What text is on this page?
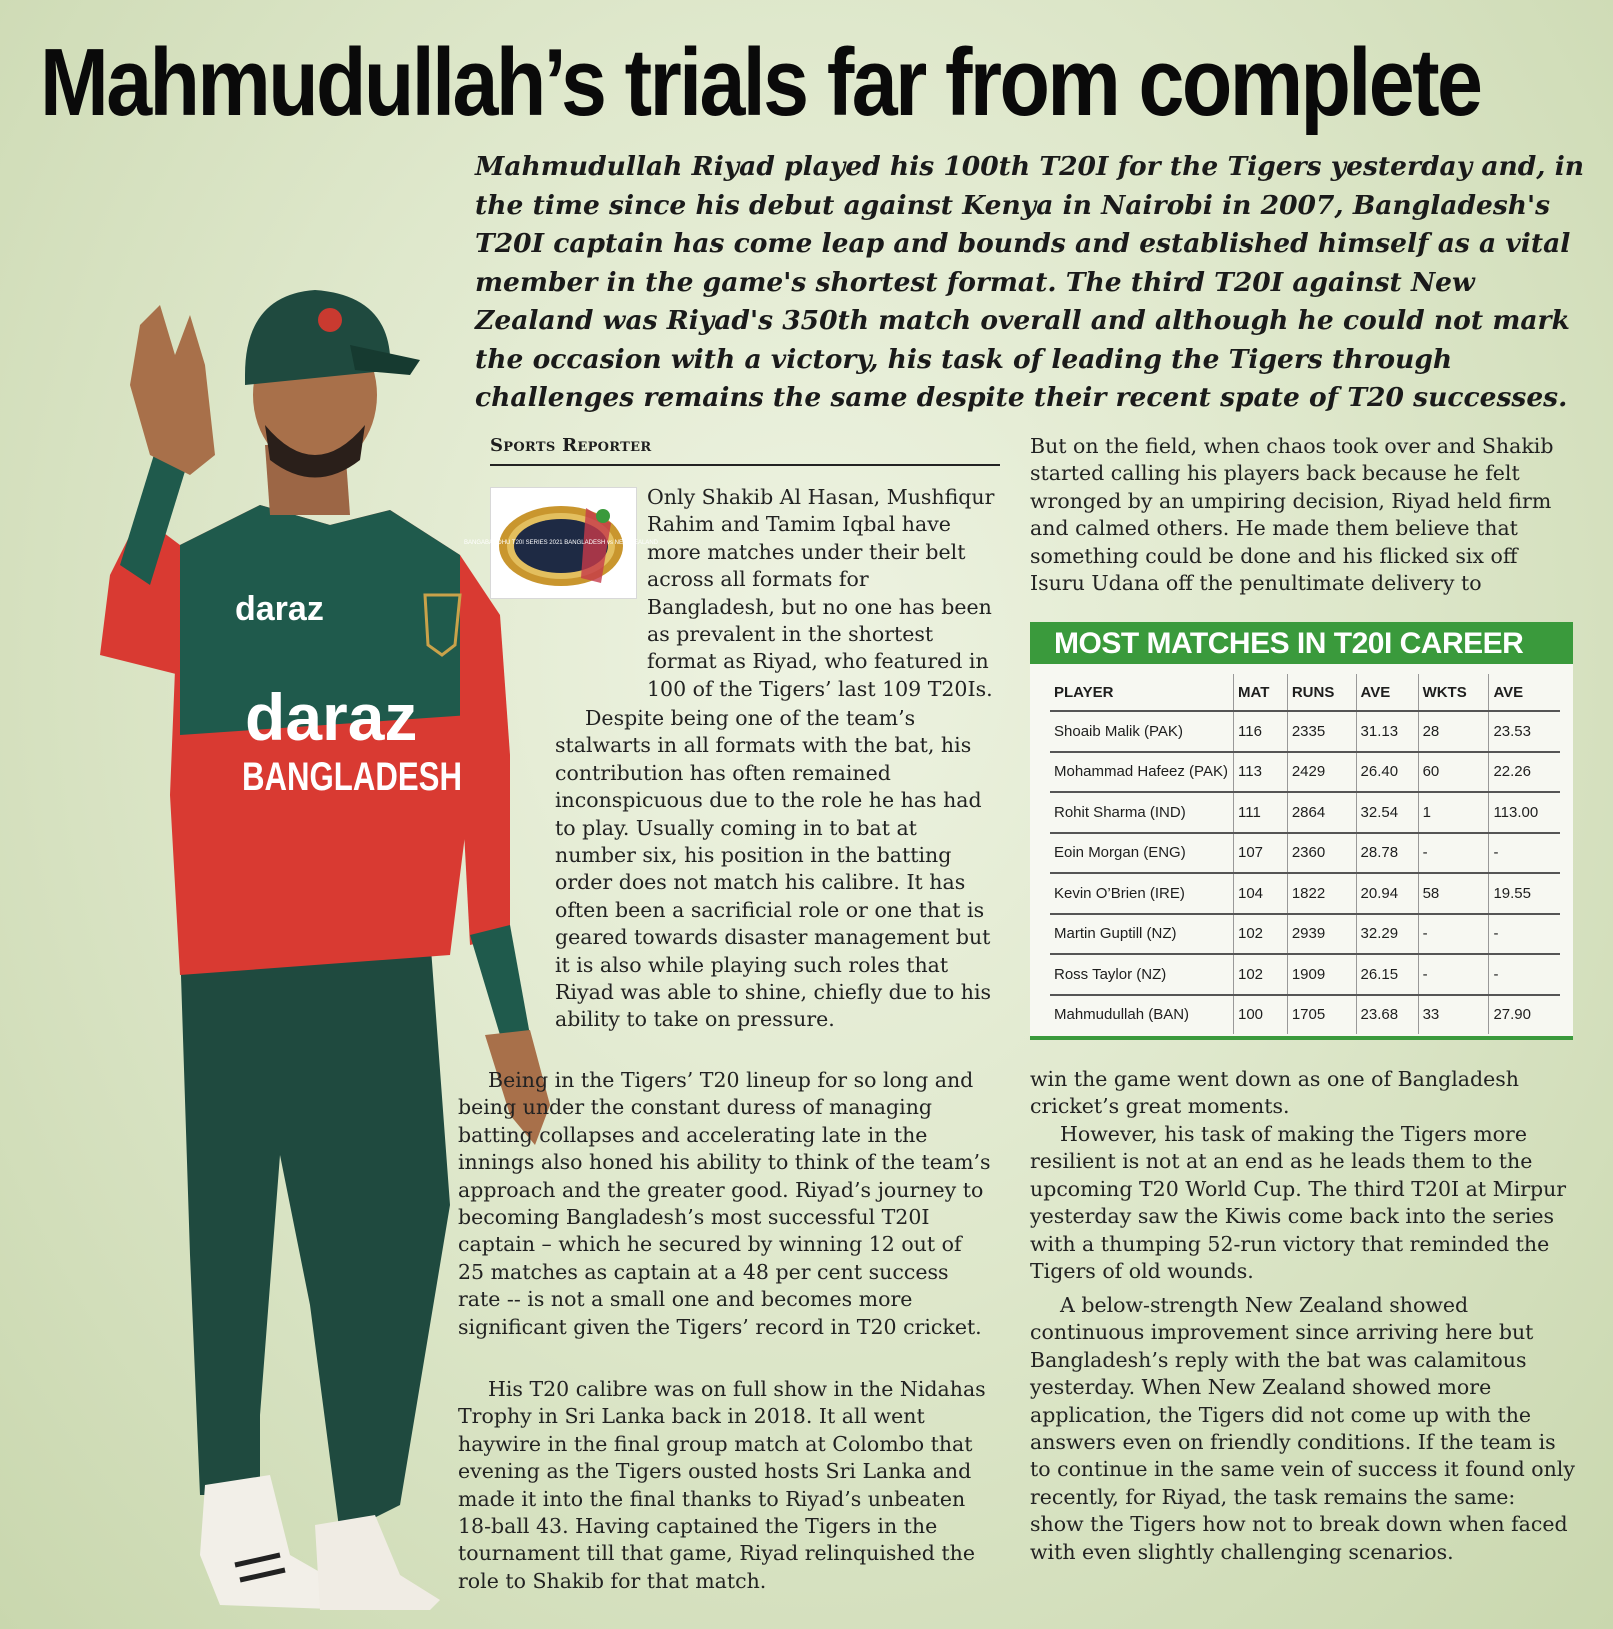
Mahmudullah’s trials far from complete

Mahmudullah Riyad played his 100th T20I for the Tigers yesterday and, in the time since his debut against Kenya in Nairobi in 2007, Bangladesh's T20I captain has come leap and bounds and established himself as a vital member in the game's shortest format. The third T20I against New Zealand was Riyad's 350th match overall and although he could not mark the occasion with a victory, his task of leading the Tigers through challenges remains the same despite their recent spate of T20 successes.

daraz
daraz
BANGLADESH
Sports Reporter
BANGABANDHU T20I SERIES 2021 BANGLADESH vs NEW ZEALAND

Only Shakib Al Hasan, Mushfiqur Rahim and Tamim Iqbal have more matches under their belt across all formats for Bangladesh, but no one has been as prevalent in the shortest format as Riyad, who featured in 100 of the Tigers’ last 109 T20Is.

Despite being one of the team’s stalwarts in all formats with the bat, his contribution has often remained inconspicuous due to the role he has had to play. Usually coming in to bat at number six, his position in the batting order does not match his calibre. It has often been a sacrificial role or one that is geared towards disaster management but it is also while playing such roles that Riyad was able to shine, chiefly due to his ability to take on pressure.

Being in the Tigers’ T20 lineup for so long and being under the constant duress of managing batting collapses and accelerating late in the innings also honed his ability to think of the team’s approach and the greater good. Riyad’s journey to becoming Bangladesh’s most successful T20I captain – which he secured by winning 12 out of 25 matches as captain at a 48 per cent success rate -- is not a small one and becomes more significant given the Tigers’ record in T20 cricket.

His T20 calibre was on full show in the Nidahas Trophy in Sri Lanka back in 2018. It all went haywire in the final group match at Colombo that evening as the Tigers ousted hosts Sri Lanka and made it into the final thanks to Riyad’s unbeaten 18-ball 43. Having captained the Tigers in the tournament till that game, Riyad relinquished the role to Shakib for that match.

But on the field, when chaos took over and Shakib started calling his players back because he felt wronged by an umpiring decision, Riyad held firm and calmed others. He made them believe that something could be done and his flicked six off Isuru Udana off the penultimate delivery to

MOST MATCHES IN T20I CAREER
PLAYER	MAT	RUNS	AVE	WKTS	AVE
Shoaib Malik (PAK)	116	2335	31.13	28	23.53
Mohammad Hafeez (PAK)	113	2429	26.40	60	22.26
Rohit Sharma (IND)	111	2864	32.54	1	113.00
Eoin Morgan (ENG)	107	2360	28.78	-	-
Kevin O’Brien (IRE)	104	1822	20.94	58	19.55
Martin Guptill (NZ)	102	2939	32.29	-	-
Ross Taylor (NZ)	102	1909	26.15	-	-
Mahmudullah (BAN)	100	1705	23.68	33	27.90

win the game went down as one of Bangladesh cricket’s great moments.

However, his task of making the Tigers more resilient is not at an end as he leads them to the upcoming T20 World Cup. The third T20I at Mirpur yesterday saw the Kiwis come back into the series with a thumping 52-run victory that reminded the Tigers of old wounds.

A below-strength New Zealand showed continuous improvement since arriving here but Bangladesh’s reply with the bat was calamitous yesterday. When New Zealand showed more application, the Tigers did not come up with the answers even on friendly conditions. If the team is to continue in the same vein of success it found only recently, for Riyad, the task remains the same: show the Tigers how not to break down when faced with even slightly challenging scenarios.
